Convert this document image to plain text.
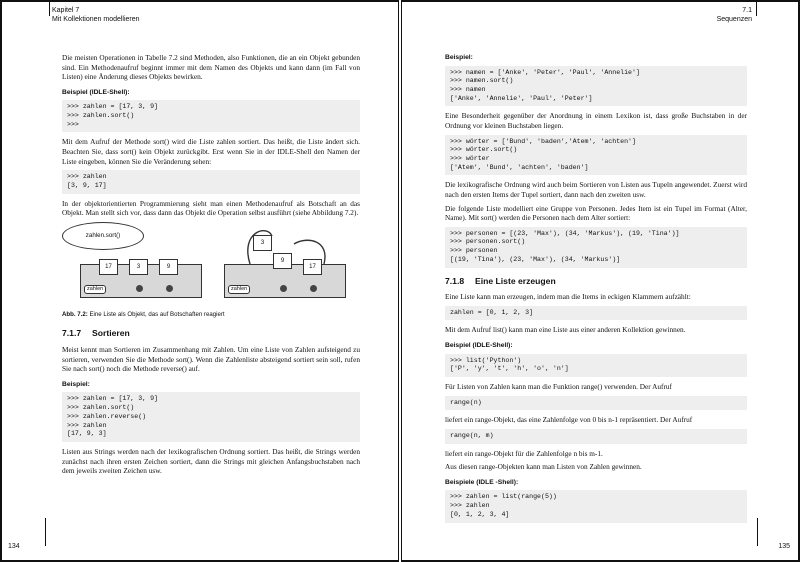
Kapitel 7
Mit Kollektionen modellieren

Die meisten Operationen in Tabelle 7.2 sind Methoden, also Funktionen, die an ein Objekt gebunden sind. Ein Methodenaufruf beginnt immer mit dem Namen des Objekts und kann dann (im Fall von Listen) eine Änderung dieses Objekts bewirken.

Beispiel (IDLE-Shell):
>>> zahlen = [17, 3, 9]
>>> zahlen.sort()
>>>

Mit dem Aufruf der Methode sort() wird die Liste zahlen sortiert. Das heißt, die Liste ändert sich. Beachten Sie, dass sort() kein Objekt zurückgibt. Erst wenn Sie in der IDLE-Shell den Namen der Liste eingeben, können Sie die Veränderung sehen:

>>> zahlen
[3, 9, 17]

In der objektorientierten Programmierung sieht man einen Methodenaufruf als Botschaft an das Objekt. Man stellt sich vor, dass dann das Objekt die Operation selbst ausführt (siehe Abbildung 7.2).

zahlen.sort()
17	3	9
zahlen
3
9
17
zahlen
Abb. 7.2: Eine Liste als Objekt, das auf Botschaften reagiert
7.1.7 Sortieren

Meist kennt man Sortieren im Zusammenhang mit Zahlen. Um eine Liste von Zahlen aufsteigend zu sortieren, verwenden Sie die Methode sort(). Wenn die Zahlenliste absteigend sortiert sein soll, rufen Sie nach sort() noch die Methode reverse() auf.

Beispiel:
>>> zahlen = [17, 3, 9]
>>> zahlen.sort()
>>> zahlen.reverse()
>>> zahlen
[17, 9, 3]

Listen aus Strings werden nach der lexikografischen Ordnung sortiert. Das heißt, die Strings werden zunächst nach ihren ersten Zeichen sortiert, dann die Strings mit gleichen Anfangsbuchstaben nach dem jeweils zweiten Zeichen usw.

134
7.1
Sequenzen
Beispiel:
>>> namen = ['Anke', 'Peter', 'Paul', 'Annelie']
>>> namen.sort()
>>> namen
['Anke', 'Annelie', 'Paul', 'Peter']

Eine Besonderheit gegenüber der Anordnung in einem Lexikon ist, dass große Buchstaben in der Ordnung vor kleinen Buchstaben liegen.

>>> wörter = ['Bund', 'baden','Atem', 'achten']
>>> wörter.sort()
>>> wörter
['Atem', 'Bund', 'achten', 'baden']

Die lexikografische Ordnung wird auch beim Sortieren von Listen aus Tupeln angewendet. Zuerst wird nach den ersten Items der Tupel sortiert, dann nach den zweiten usw.

Die folgende Liste modelliert eine Gruppe von Personen. Jedes Item ist ein Tupel im Format (Alter, Name). Mit sort() werden die Personen nach dem Alter sortiert:

>>> personen = [(23, 'Max'), (34, 'Markus'), (19, 'Tina')]
>>> personen.sort()
>>> personen
[(19, 'Tina'), (23, 'Max'), (34, 'Markus')]
7.1.8 Eine Liste erzeugen

Eine Liste kann man erzeugen, indem man die Items in eckigen Klammern aufzählt:

zahlen = [0, 1, 2, 3]

Mit dem Aufruf list() kann man eine Liste aus einer anderen Kollektion gewinnen.

Beispiel (IDLE-Shell):
>>> list('Python')
['P', 'y', 't', 'h', 'o', 'n']

Für Listen von Zahlen kann man die Funktion range() verwenden. Der Aufruf

range(n)

liefert ein range-Objekt, das eine Zahlenfolge von 0 bis n-1 repräsentiert. Der Aufruf

range(n, m)

liefert ein range-Objekt für die Zahlenfolge n bis m-1.

Aus diesen range-Objekten kann man Listen von Zahlen gewinnen.

Beispiele (IDLE -Shell):
>>> zahlen = list(range(5))
>>> zahlen
[0, 1, 2, 3, 4]
135
